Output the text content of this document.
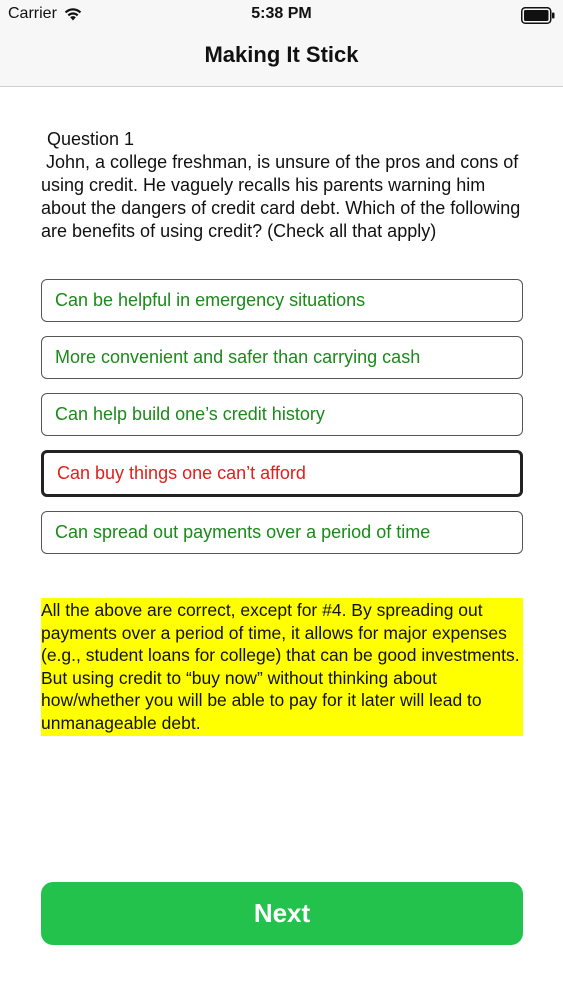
Carrier	5:38 PM
Making It Stick
Question 1
John, a college freshman, is unsure of the pros and cons of using credit. He vaguely recalls his parents warning him about the dangers of credit card debt. Which of the following are benefits of using credit? (Check all that apply)
Can be helpful in emergency situations
More convenient and safer than carrying cash
Can help build one’s credit history
Can buy things one can’t afford
Can spread out payments over a period of time
All the above are correct, except for #4. By spreading out payments over a period of time, it allows for major expenses (e.g., student loans for college) that can be good investments. But using credit to “buy now” without thinking about how/whether you will be able to pay for it later will lead to unmanageable debt.
Next
